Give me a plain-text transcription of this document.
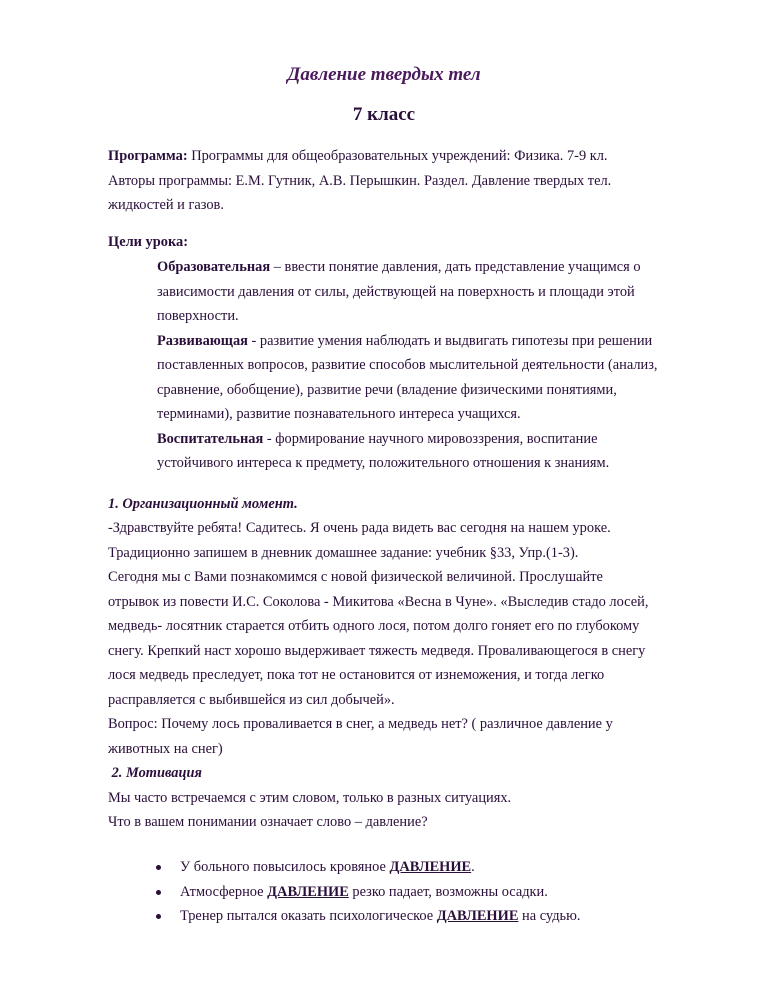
Давление твердых тел
7 класс
Программа: Программы для общеобразовательных учреждений: Физика. 7-9 кл.
Авторы программы: Е.М. Гутник, А.В. Перышкин. Раздел. Давление твердых тел.
жидкостей и газов.
Цели урока:
Образовательная – ввести понятие давления, дать представление учащимся о
зависимости давления от силы, действующей на поверхность и площади этой
поверхности.
Развивающая - развитие умения наблюдать и выдвигать гипотезы при решении
поставленных вопросов, развитие способов мыслительной деятельности (анализ,
сравнение, обобщение), развитие речи (владение физическими понятиями,
терминами), развитие познавательного интереса учащихся.
Воспитательная - формирование научного мировоззрения, воспитание
устойчивого интереса к предмету, положительного отношения к знаниям.
1. Организационный момент.
-Здравствуйте ребята! Садитесь. Я очень рада видеть вас сегодня на нашем уроке.
Традиционно запишем в дневник домашнее задание: учебник §33, Упр.(1-3).
Сегодня мы с Вами познакомимся с новой физической величиной. Прослушайте
отрывок из повести И.С. Соколова - Микитова «Весна в Чуне». «Выследив стадо лосей,
медведь- лосятник старается отбить одного лося, потом долго гоняет его по глубокому
снегу. Крепкий наст хорошо выдерживает тяжесть медведя. Проваливающегося в снегу
лося медведь преследует, пока тот не остановится от изнеможения, и тогда легко
расправляется с выбившейся из сил добычей».
Вопрос: Почему лось проваливается в снег, а медведь нет? ( различное давление у
животных на снег)
2. Мотивация
Мы часто встречаемся с этим словом, только в разных ситуациях.
Что в вашем понимании означает слово – давление?
У больного повысилось кровяное ДАВЛЕНИЕ.
Атмосферное ДАВЛЕНИЕ резко падает, возможны осадки.
Тренер пытался оказать психологическое ДАВЛЕНИЕ на судью.
